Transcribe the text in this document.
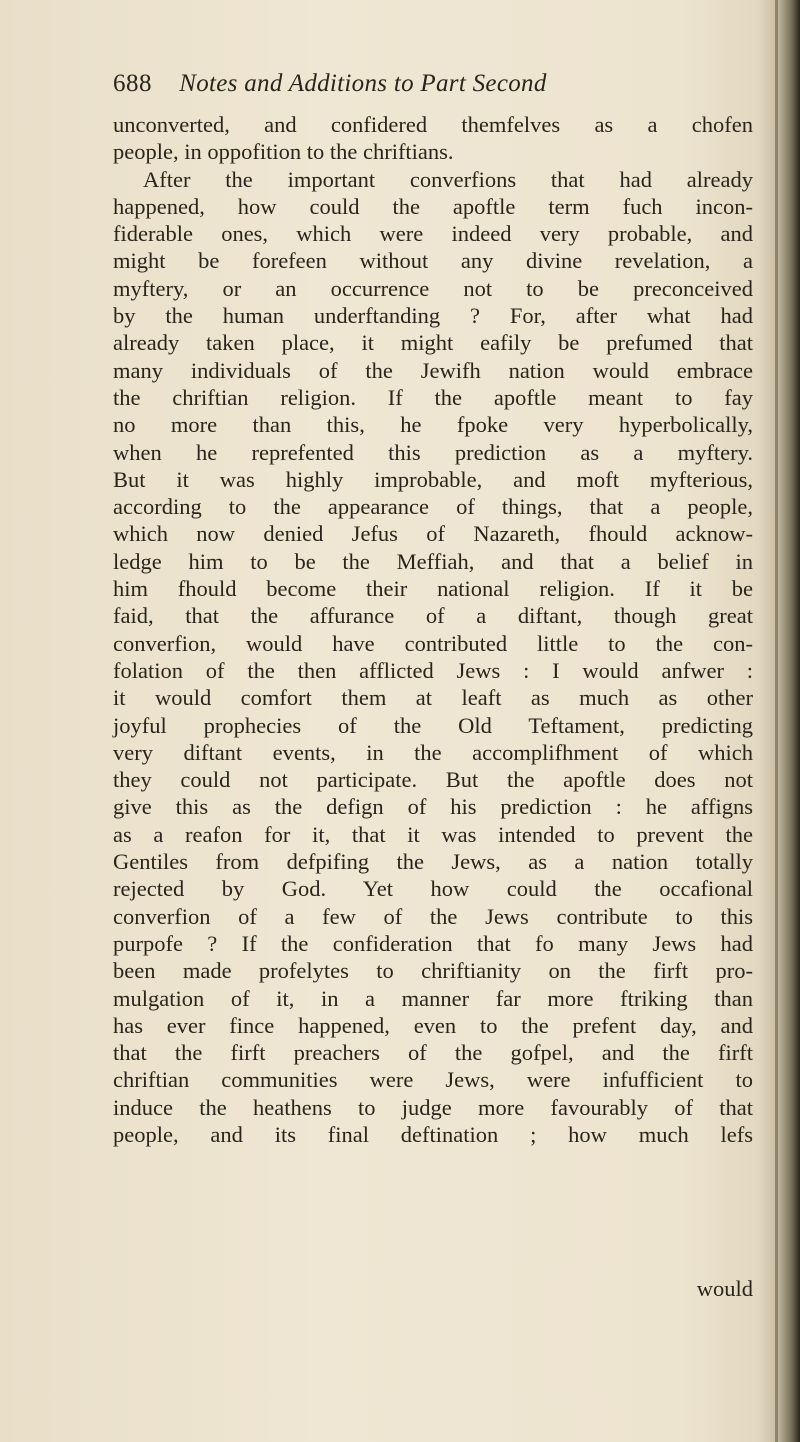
688 Notes and Additions to Part Second
unconverted, and confidered themfelves as a chofen
people, in oppofition to the chriftians.
After the important converfions that had already
happened, how could the apoftle term fuch incon-
fiderable ones, which were indeed very probable, and
might be forefeen without any divine revelation, a
myftery, or an occurrence not to be preconceived
by the human underftanding ? For, after what had
already taken place, it might eafily be prefumed that
many individuals of the Jewifh nation would embrace
the chriftian religion. If the apoftle meant to fay
no more than this, he fpoke very hyperbolically,
when he reprefented this prediction as a myftery.
But it was highly improbable, and moft myfterious,
according to the appearance of things, that a people,
which now denied Jefus of Nazareth, fhould acknow-
ledge him to be the Meffiah, and that a belief in
him fhould become their national religion. If it be
faid, that the affurance of a diftant, though great
converfion, would have contributed little to the con-
folation of the then afflicted Jews : I would anfwer :
it would comfort them at leaft as much as other
joyful prophecies of the Old Teftament, predicting
very diftant events, in the accomplifhment of which
they could not participate. But the apoftle does not
give this as the defign of his prediction : he affigns
as a reafon for it, that it was intended to prevent the
Gentiles from defpifing the Jews, as a nation totally
rejected by God. Yet how could the occafional
converfion of a few of the Jews contribute to this
purpofe ? If the confideration that fo many Jews had
been made profelytes to chriftianity on the firft pro-
mulgation of it, in a manner far more ftriking than
has ever fince happened, even to the prefent day, and
that the firft preachers of the gofpel, and the firft
chriftian communities were Jews, were infufficient to
induce the heathens to judge more favourably of that
people, and its final deftination ; how much lefs
would
